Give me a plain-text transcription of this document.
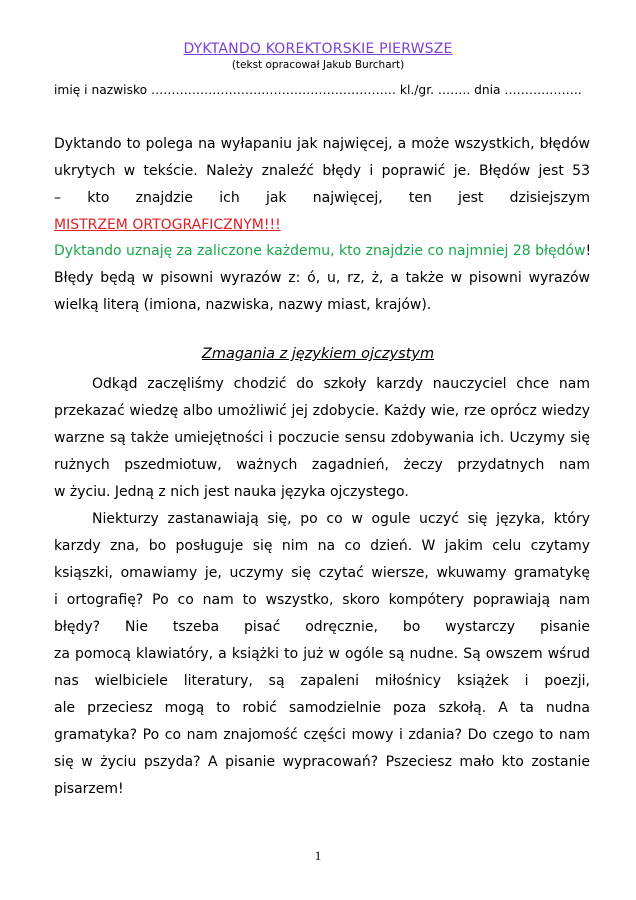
DYKTANDO KOREKTORSKIE PIERWSZE
(tekst opracował Jakub Burchart)
imię i nazwisko …………………………………………………… kl./gr. …….. dnia ……………….
Dyktando to polega na wyłapaniu jak najwięcej, a może wszystkich, błędów
ukrytych w tekście. Należy znaleźć błędy i poprawić je. Błędów jest 53
– kto znajdzie ich jak najwięcej, ten jest dzisiejszym
MISTRZEM ORTOGRAFICZNYM!!!
Dyktando uznaję za zaliczone każdemu, kto znajdzie co najmniej 28 błędów!
Błędy będą w pisowni wyrazów z: ó, u, rz, ż, a także w pisowni wyrazów
wielką literą (imiona, nazwiska, nazwy miast, krajów).
Zmagania z językiem ojczystym
Odkąd zaczęliśmy chodzić do szkoły karzdy nauczyciel chce nam
przekazać wiedzę albo umożliwić jej zdobycie. Każdy wie, rze oprócz wiedzy
warzne są także umiejętności i poczucie sensu zdobywania ich. Uczymy się
rużnych pszedmiotuw, ważnych zagadnień, żeczy przydatnych nam
w życiu. Jedną z nich jest nauka języka ojczystego.
Niekturzy zastanawiają się, po co w ogule uczyć się języka, który
karzdy zna, bo posługuje się nim na co dzień. W jakim celu czytamy
ksiąszki, omawiamy je, uczymy się czytać wiersze, wkuwamy gramatykę
i ortografię? Po co nam to wszystko, skoro kompótery poprawiają nam
błędy? Nie tszeba pisać odręcznie, bo wystarczy pisanie
za pomocą klawiatóry, a książki to już w ogóle są nudne. Są owszem wśrud
nas wielbiciele literatury, są zapaleni miłośnicy książek i poezji,
ale przeciesz mogą to robić samodzielnie poza szkołą. A ta nudna
gramatyka? Po co nam znajomość części mowy i zdania? Do czego to nam
się w życiu pszyda? A pisanie wypracowań? Pszeciesz mało kto zostanie
pisarzem!
1
